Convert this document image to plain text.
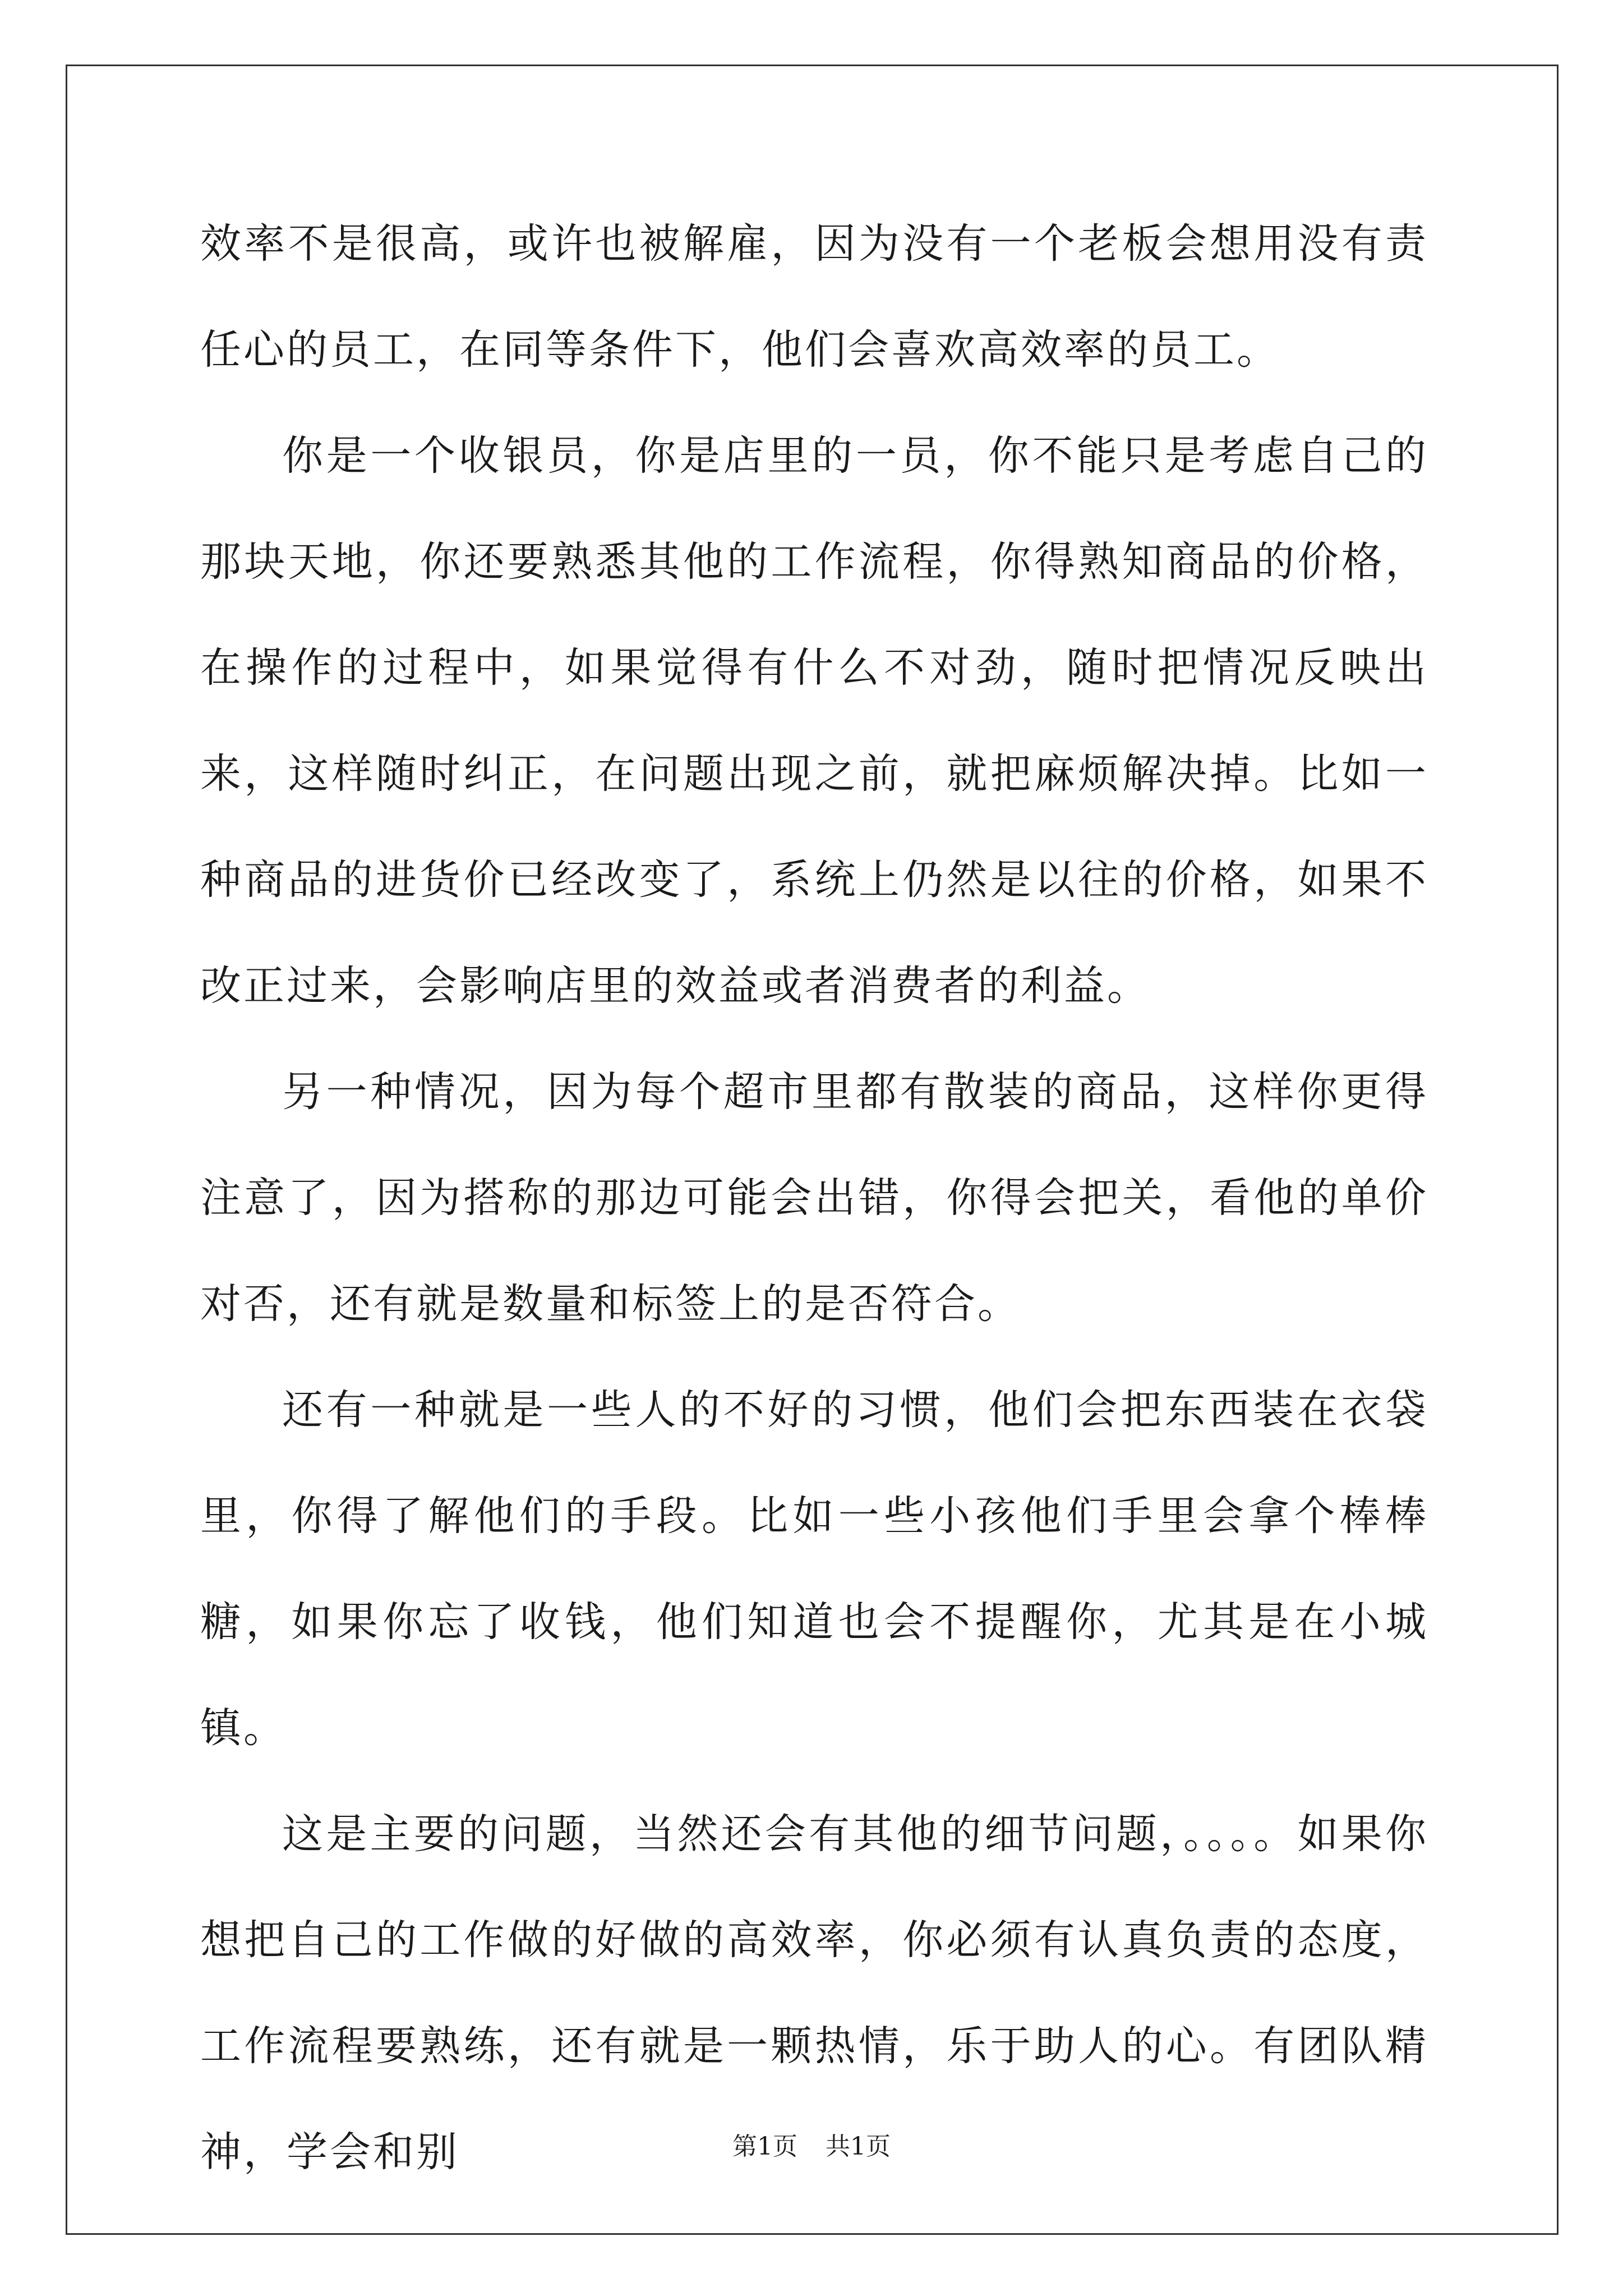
效率不是很高，或许也被解雇，因为没有一个老板会想用没有责任心的员工，在同等条件下，他们会喜欢高效率的员工。

你是一个收银员，你是店里的一员，你不能只是考虑自己的那块天地，你还要熟悉其他的工作流程，你得熟知商品的价格，在操作的过程中，如果觉得有什么不对劲，随时把情况反映出来，这样随时纠正，在问题出现之前，就把麻烦解决掉。比如一种商品的进货价已经改变了，系统上仍然是以往的价格，如果不改正过来，会影响店里的效益或者消费者的利益。

另一种情况，因为每个超市里都有散装的商品，这样你更得注意了，因为搭称的那边可能会出错，你得会把关，看他的单价对否，还有就是数量和标签上的是否符合。

还有一种就是一些人的不好的习惯，他们会把东西装在衣袋里，你得了解他们的手段。比如一些小孩他们手里会拿个棒棒糖，如果你忘了收钱，他们知道也会不提醒你，尤其是在小城镇。

这是主要的问题，当然还会有其他的细节问题，。。。。如果你想把自己的工作做的好做的高效率，你必须有认真负责的态度，工作流程要熟练，还有就是一颗热情，乐于助人的心。有团队精神，学会和别	第1页 共1页
